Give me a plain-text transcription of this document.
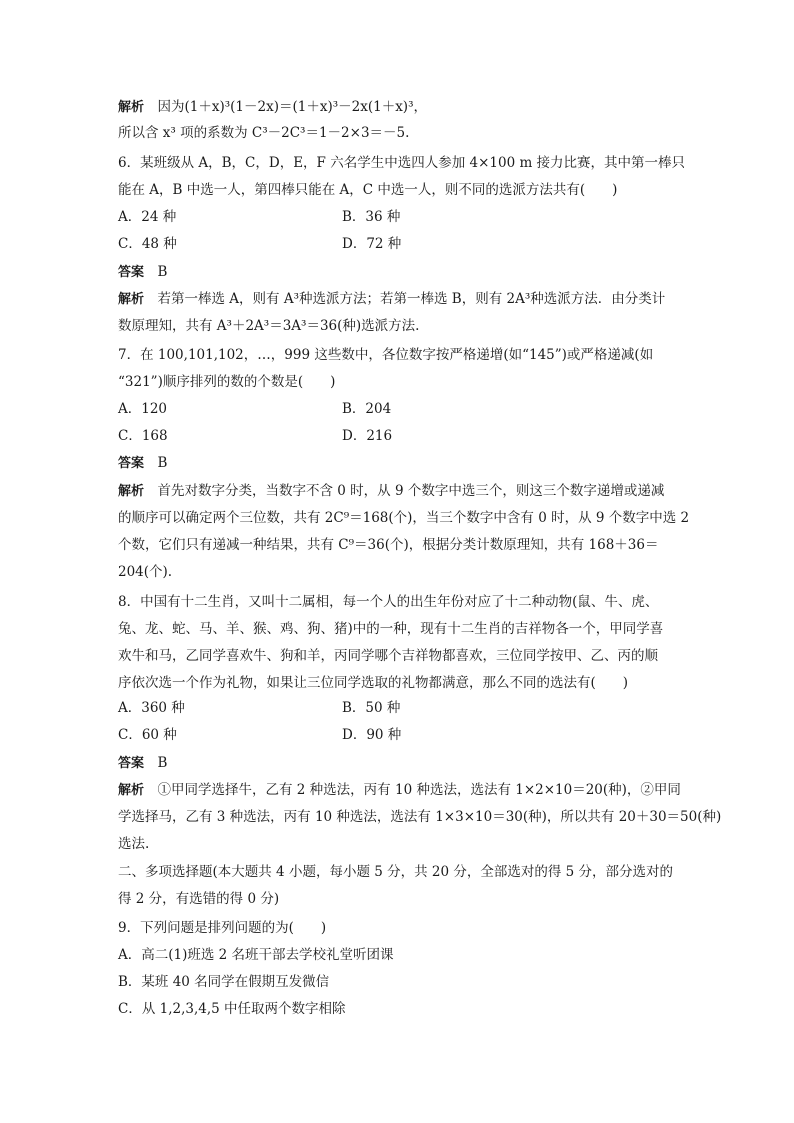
解析　 因为(1＋x)³(1－2x)＝(1＋x)³－2x(1＋x)³，
所以含 x³ 项的系数为 C³－2C³＝1－2×3＝－5.
6．某班级从 A，B，C，D，E，F 六名学生中选四人参加 4×100 m 接力比赛，其中第一棒只
能在 A，B 中选一人，第四棒只能在 A，C 中选一人，则不同的选派方法共有(　　)
A．24 种	B．36 种
C．48 种	D．72 种
答案　 B
解析　 若第一棒选 A，则有 A³种选派方法；若第一棒选 B，则有 2A³种选派方法．由分类计
数原理知，共有 A³＋2A³＝3A³＝36(种)选派方法.
7．在 100,101,102，…，999 这些数中，各位数字按严格递增(如“145”)或严格递减(如
“321”)顺序排列的数的个数是(　　)
A．120	B．204
C．168	D．216
答案　 B
解析　 首先对数字分类，当数字不含 0 时，从 9 个数字中选三个，则这三个数字递增或递减
的顺序可以确定两个三位数，共有 2C⁹＝168(个)，当三个数字中含有 0 时，从 9 个数字中选 2
个数，它们只有递减一种结果，共有 C⁹＝36(个)，根据分类计数原理知，共有 168＋36＝
204(个).
8．中国有十二生肖，又叫十二属相，每一个人的出生年份对应了十二种动物(鼠、牛、虎、
兔、龙、蛇、马、羊、猴、鸡、狗、猪)中的一种，现有十二生肖的吉祥物各一个，甲同学喜
欢牛和马，乙同学喜欢牛、狗和羊，丙同学哪个吉祥物都喜欢，三位同学按甲、乙、丙的顺
序依次选一个作为礼物，如果让三位同学选取的礼物都满意，那么不同的选法有(　　)
A．360 种	B．50 种
C．60 种	D．90 种
答案　 B
解析　 ①甲同学选择牛，乙有 2 种选法，丙有 10 种选法，选法有 1×2×10＝20(种)，②甲同
学选择马，乙有 3 种选法，丙有 10 种选法，选法有 1×3×10＝30(种)，所以共有 20＋30＝50(种)
选法.
二、多项选择题(本大题共 4 小题，每小题 5 分，共 20 分，全部选对的得 5 分，部分选对的
得 2 分，有选错的得 0 分)
9．下列问题是排列问题的为(　　)
A．高二(1)班选 2 名班干部去学校礼堂听团课
B．某班 40 名同学在假期互发微信
C．从 1,2,3,4,5 中任取两个数字相除
